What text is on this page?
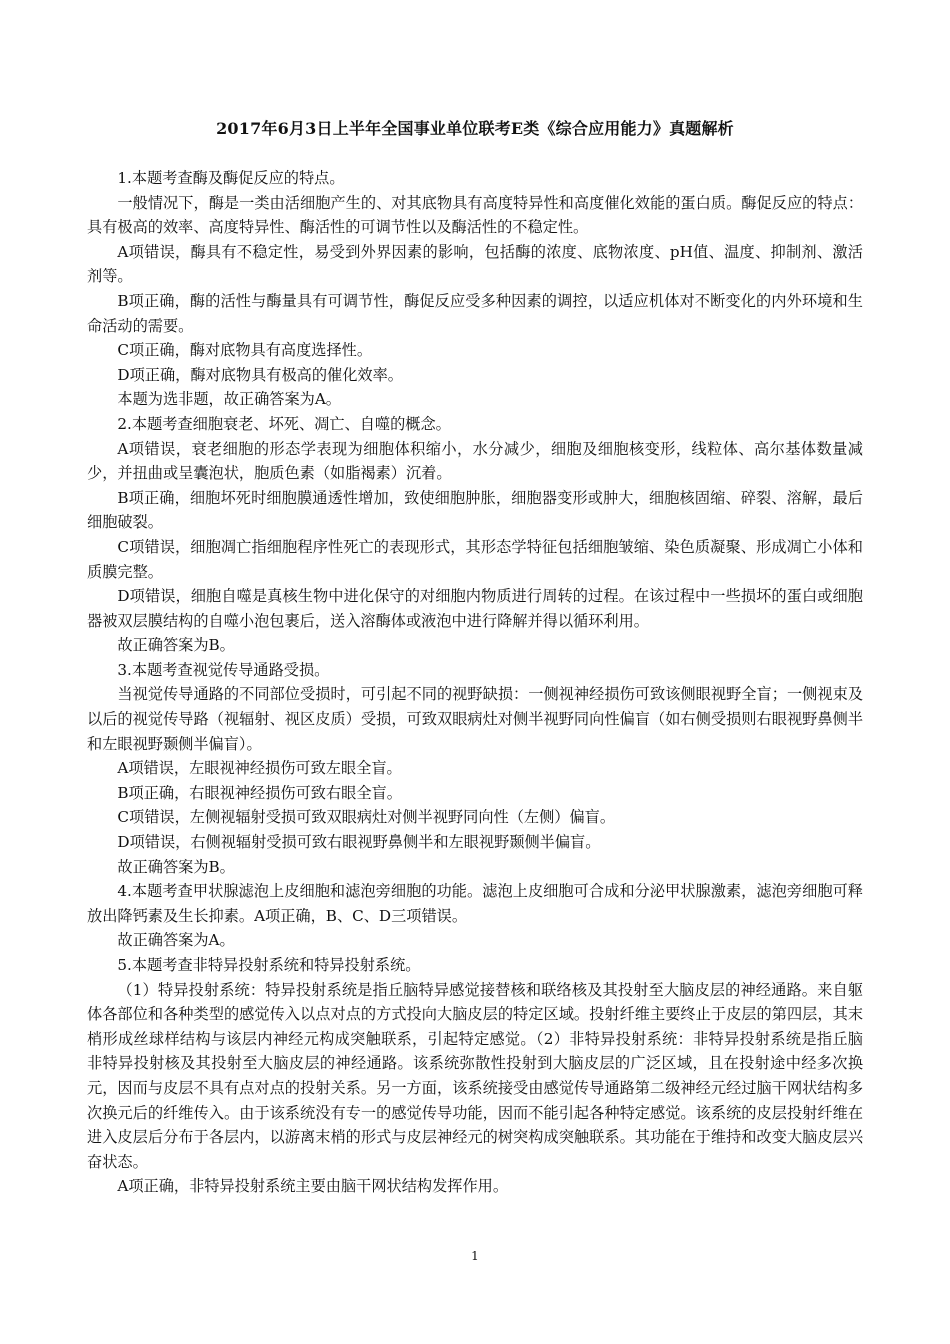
2017年6月3日上半年全国事业单位联考E类《综合应用能力》真题解析

1.本题考查酶及酶促反应的特点。

一般情况下，酶是一类由活细胞产生的、对其底物具有高度特异性和高度催化效能的蛋白质。酶促反应的特点：具有极高的效率、高度特异性、酶活性的可调节性以及酶活性的不稳定性。

A项错误，酶具有不稳定性，易受到外界因素的影响，包括酶的浓度、底物浓度、pH值、温度、抑制剂、激活剂等。

B项正确，酶的活性与酶量具有可调节性，酶促反应受多种因素的调控，以适应机体对不断变化的内外环境和生命活动的需要。

C项正确，酶对底物具有高度选择性。

D项正确，酶对底物具有极高的催化效率。

本题为选非题，故正确答案为A。

2.本题考查细胞衰老、坏死、凋亡、自噬的概念。

A项错误，衰老细胞的形态学表现为细胞体积缩小，水分减少，细胞及细胞核变形，线粒体、高尔基体数量减少，并扭曲或呈囊泡状，胞质色素（如脂褐素）沉着。

B项正确，细胞坏死时细胞膜通透性增加，致使细胞肿胀，细胞器变形或肿大，细胞核固缩、碎裂、溶解，最后细胞破裂。

C项错误，细胞凋亡指细胞程序性死亡的表现形式，其形态学特征包括细胞皱缩、染色质凝聚、形成凋亡小体和质膜完整。

D项错误，细胞自噬是真核生物中进化保守的对细胞内物质进行周转的过程。在该过程中一些损坏的蛋白或细胞器被双层膜结构的自噬小泡包裹后，送入溶酶体或液泡中进行降解并得以循环利用。

故正确答案为B。

3.本题考查视觉传导通路受损。

当视觉传导通路的不同部位受损时，可引起不同的视野缺损：一侧视神经损伤可致该侧眼视野全盲；一侧视束及以后的视觉传导路（视辐射、视区皮质）受损，可致双眼病灶对侧半视野同向性偏盲（如右侧受损则右眼视野鼻侧半和左眼视野颞侧半偏盲）。

A项错误，左眼视神经损伤可致左眼全盲。

B项正确，右眼视神经损伤可致右眼全盲。

C项错误，左侧视辐射受损可致双眼病灶对侧半视野同向性（左侧）偏盲。

D项错误，右侧视辐射受损可致右眼视野鼻侧半和左眼视野颞侧半偏盲。

故正确答案为B。

4.本题考查甲状腺滤泡上皮细胞和滤泡旁细胞的功能。滤泡上皮细胞可合成和分泌甲状腺激素，滤泡旁细胞可释放出降钙素及生长抑素。A项正确，B、C、D三项错误。

故正确答案为A。

5.本题考查非特异投射系统和特异投射系统。

（1）特异投射系统：特异投射系统是指丘脑特异感觉接替核和联络核及其投射至大脑皮层的神经通路。来自躯体各部位和各种类型的感觉传入以点对点的方式投向大脑皮层的特定区域。投射纤维主要终止于皮层的第四层，其末梢形成丝球样结构与该层内神经元构成突触联系，引起特定感觉。（2）非特异投射系统：非特异投射系统是指丘脑非特异投射核及其投射至大脑皮层的神经通路。该系统弥散性投射到大脑皮层的广泛区域，且在投射途中经多次换元，因而与皮层不具有点对点的投射关系。另一方面，该系统接受由感觉传导通路第二级神经元经过脑干网状结构多次换元后的纤维传入。由于该系统没有专一的感觉传导功能，因而不能引起各种特定感觉。该系统的皮层投射纤维在进入皮层后分布于各层内，以游离末梢的形式与皮层神经元的树突构成突触联系。其功能在于维持和改变大脑皮层兴奋状态。

A项正确，非特异投射系统主要由脑干网状结构发挥作用。

1
